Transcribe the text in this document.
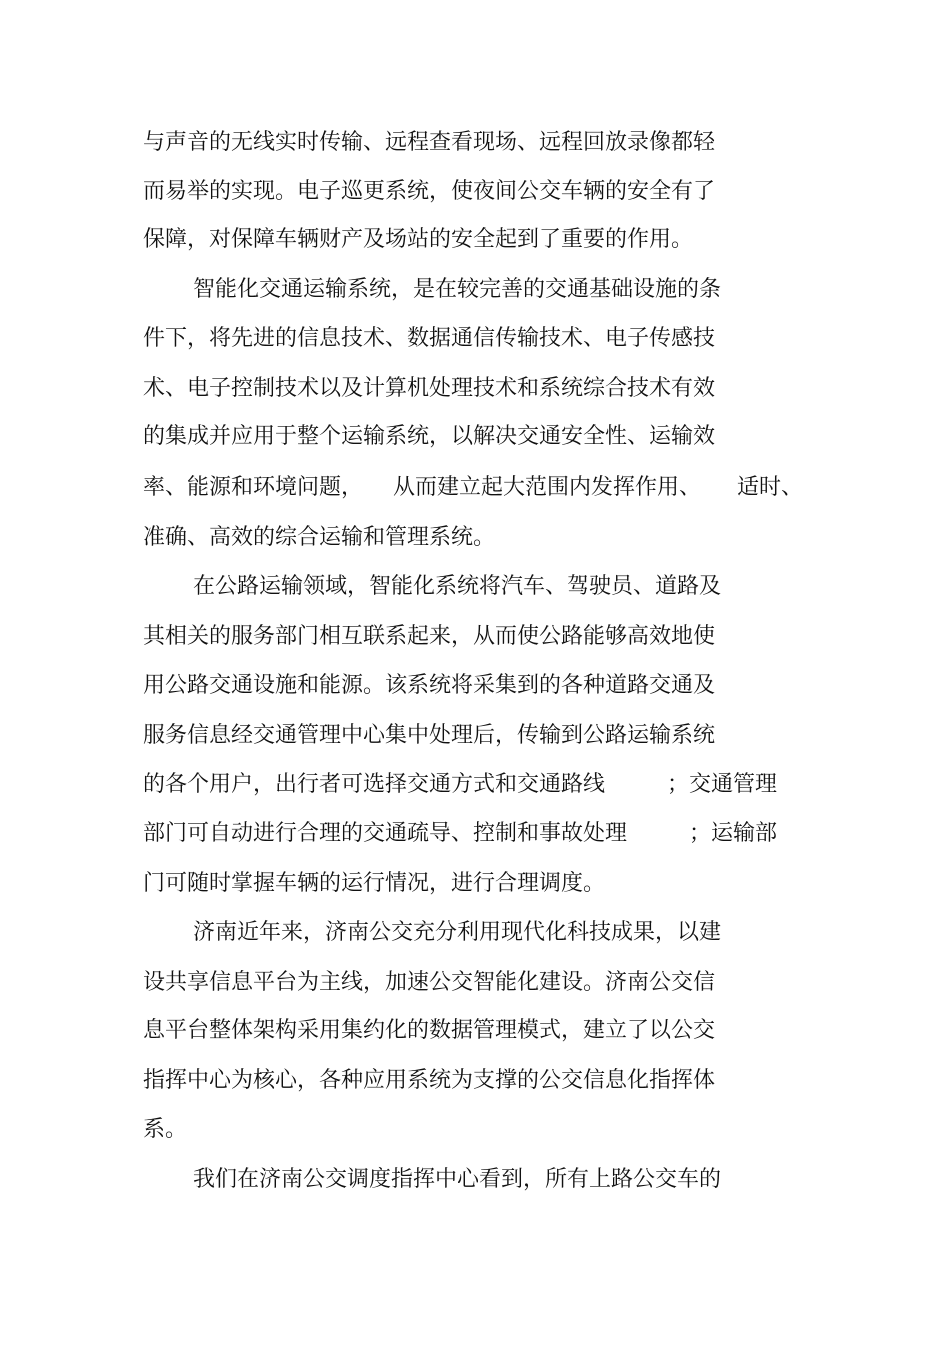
与声音的无线实时传输、远程查看现场、远程回放录像都轻
而易举的实现。电子巡更系统，使夜间公交车辆的安全有了
保障，对保障车辆财产及场站的安全起到了重要的作用。
智能化交通运输系统，是在较完善的交通基础设施的条
件下，将先进的信息技术、数据通信传输技术、电子传感技
术、电子控制技术以及计算机处理技术和系统综合技术有效
的集成并应用于整个运输系统，以解决交通安全性、运输效
率、能源和环境问题， 从而建立起大范围内发挥作用、 适时、
准确、高效的综合运输和管理系统。
在公路运输领域，智能化系统将汽车、驾驶员、道路及
其相关的服务部门相互联系起来，从而使公路能够高效地使
用公路交通设施和能源。该系统将采集到的各种道路交通及
服务信息经交通管理中心集中处理后，传输到公路运输系统
的各个用户，出行者可选择交通方式和交通路线	；交通管理
部门可自动进行合理的交通疏导、控制和事故处理	；运输部
门可随时掌握车辆的运行情况，进行合理调度。
济南近年来，济南公交充分利用现代化科技成果，以建
设共享信息平台为主线，加速公交智能化建设。济南公交信
息平台整体架构采用集约化的数据管理模式，建立了以公交
指挥中心为核心，各种应用系统为支撑的公交信息化指挥体
系。
我们在济南公交调度指挥中心看到，所有上路公交车的
